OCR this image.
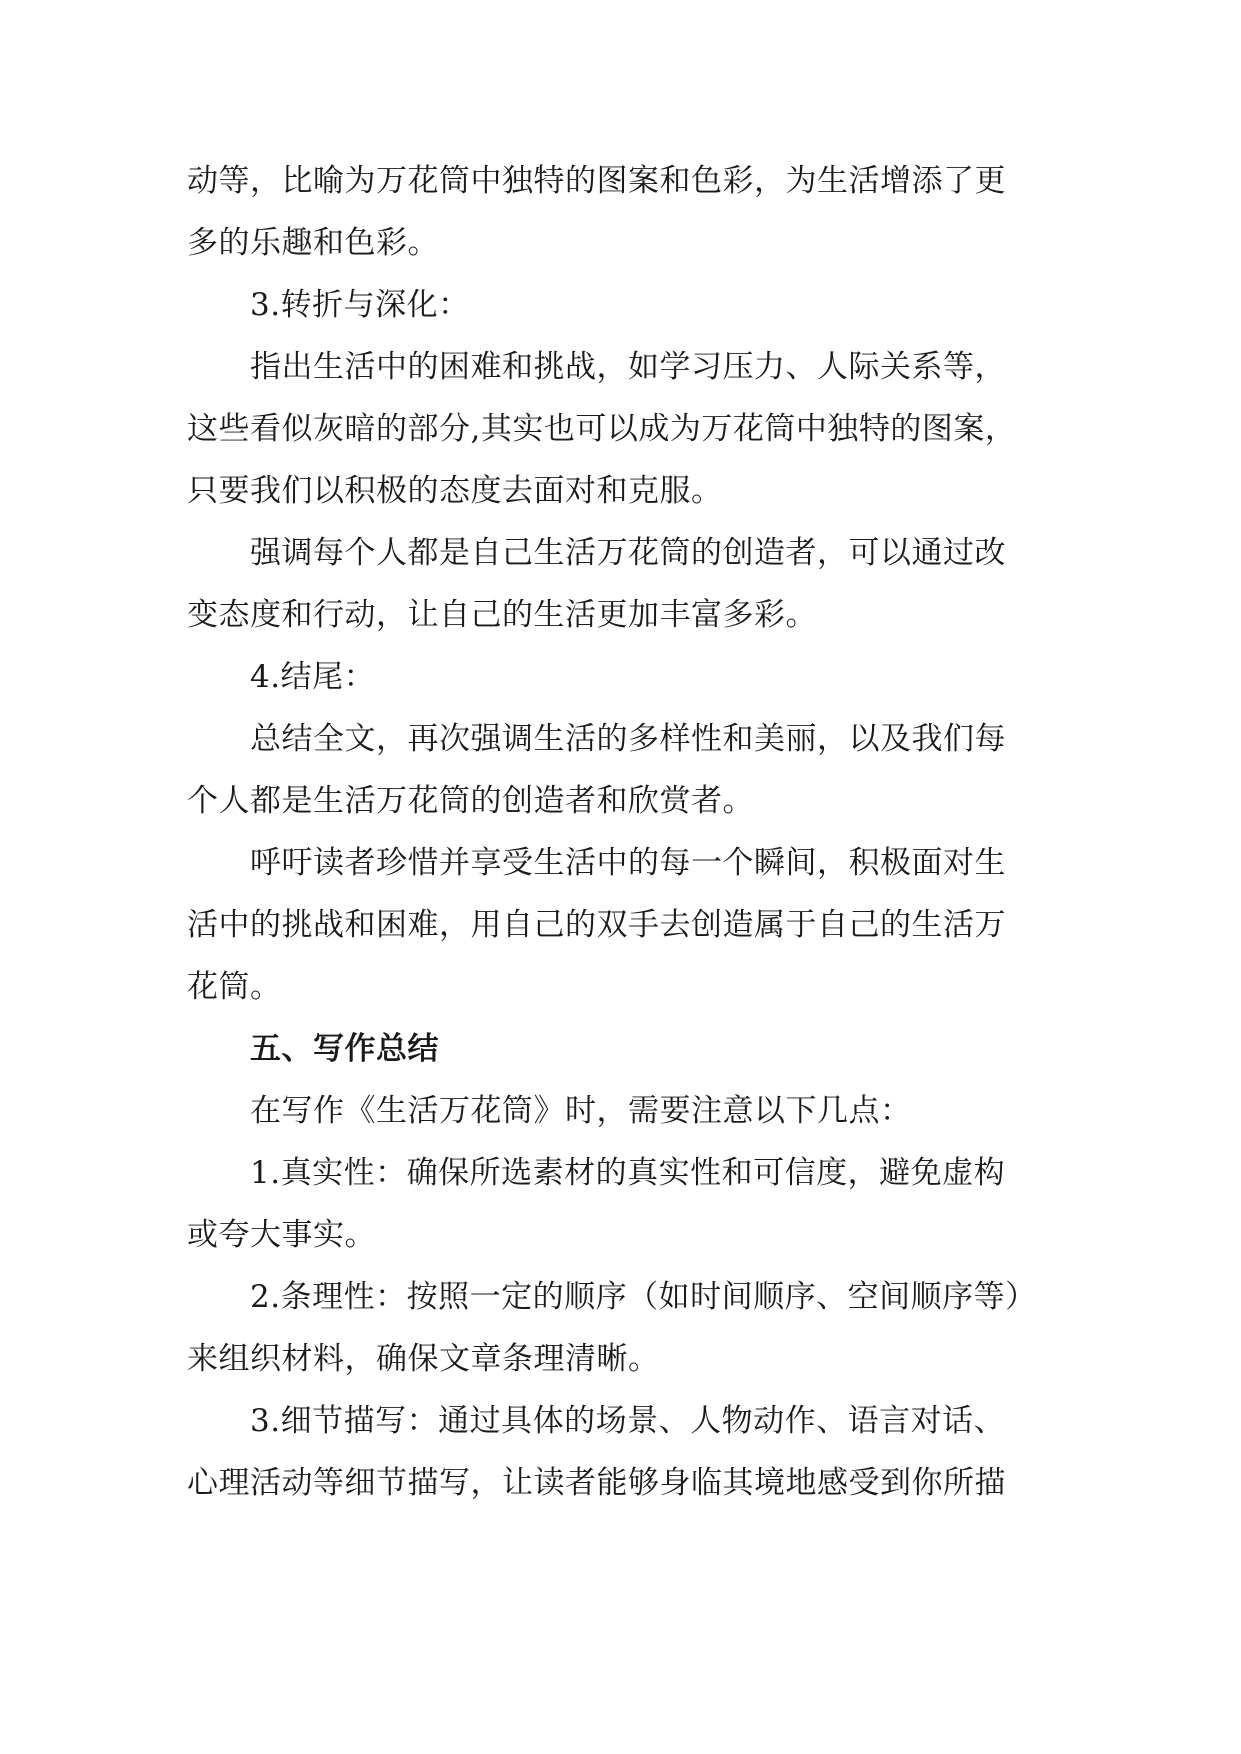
动等，比喻为万花筒中独特的图案和色彩，为生活增添了更
多的乐趣和色彩。
3.转折与深化：
指出生活中的困难和挑战，如学习压力、人际关系等，
这些看似灰暗的部分,其实也可以成为万花筒中独特的图案，
只要我们以积极的态度去面对和克服。
强调每个人都是自己生活万花筒的创造者，可以通过改
变态度和行动，让自己的生活更加丰富多彩。
4.结尾：
总结全文，再次强调生活的多样性和美丽，以及我们每
个人都是生活万花筒的创造者和欣赏者。
呼吁读者珍惜并享受生活中的每一个瞬间，积极面对生
活中的挑战和困难，用自己的双手去创造属于自己的生活万
花筒。
五、写作总结
在写作《生活万花筒》时，需要注意以下几点：
1.真实性：确保所选素材的真实性和可信度，避免虚构
或夸大事实。
2.条理性：按照一定的顺序（如时间顺序、空间顺序等）
来组织材料，确保文章条理清晰。
3.细节描写：通过具体的场景、人物动作、语言对话、
心理活动等细节描写，让读者能够身临其境地感受到你所描
